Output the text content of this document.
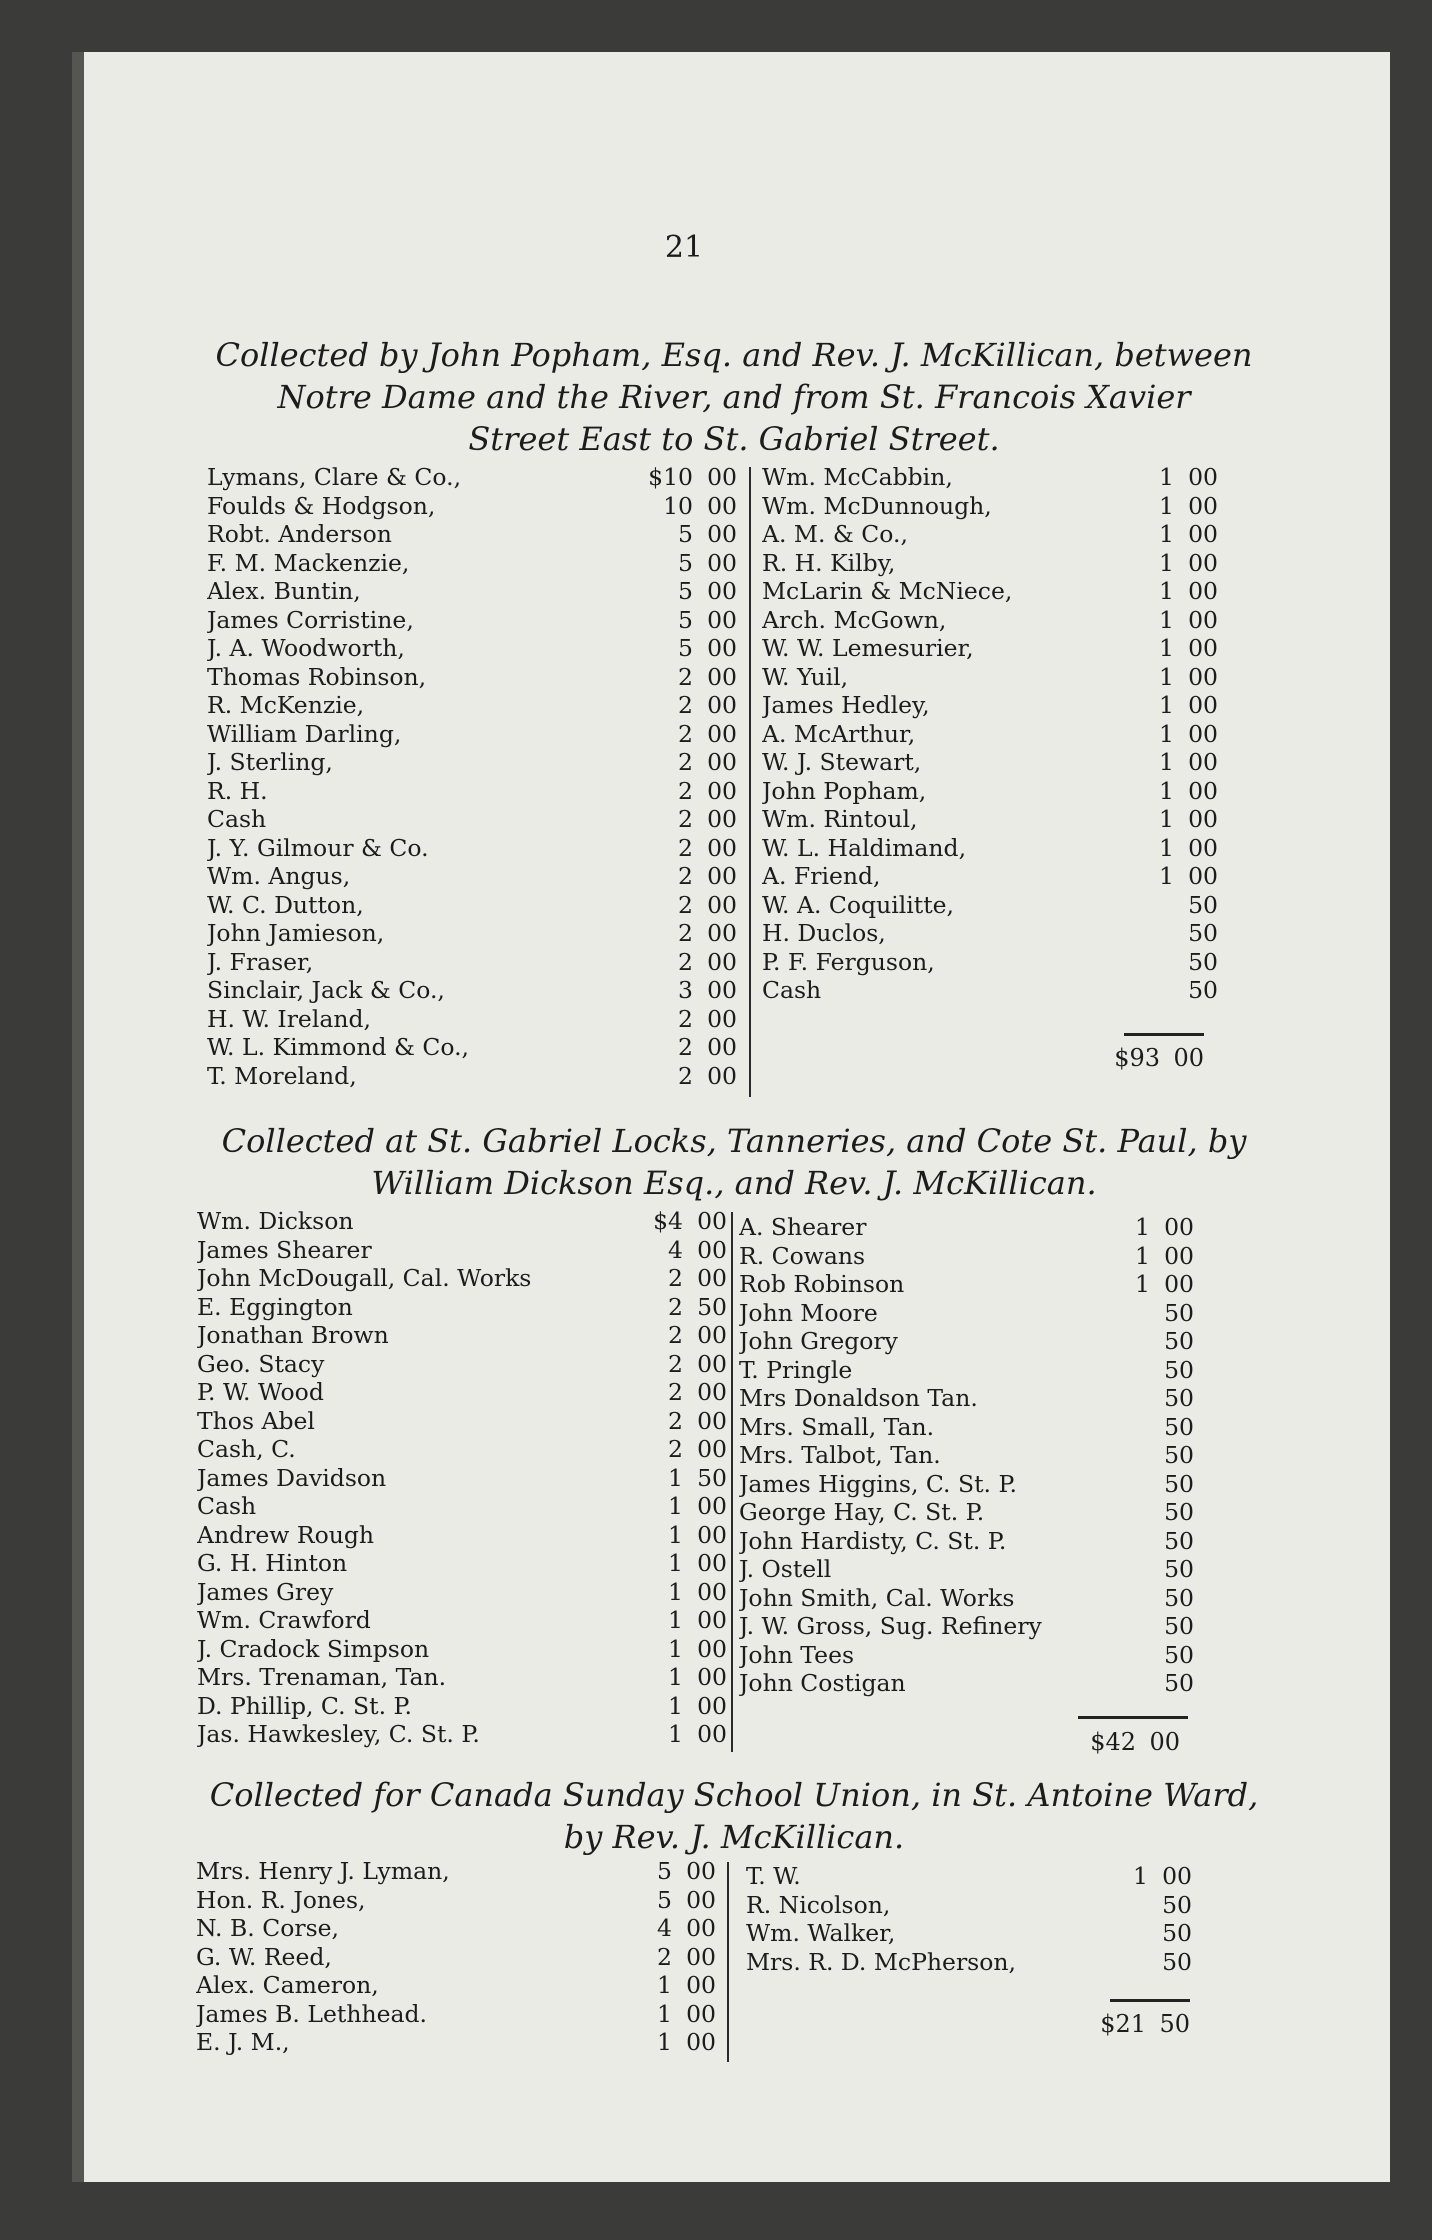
21
Collected by John Popham, Esq. and Rev. J. McKillican, between
Notre Dame and the River, and from St. Francois Xavier
Street East to St. Gabriel Street.
Lymans, Clare & Co.,	$10 00
Foulds & Hodgson,	10 00
Robt. Anderson	5 00
F. M. Mackenzie,	5 00
Alex. Buntin,	5 00
James Corristine,	5 00
J. A. Woodworth,	5 00
Thomas Robinson,	2 00
R. McKenzie,	2 00
William Darling,	2 00
J. Sterling,	2 00
R. H.	2 00
Cash	2 00
J. Y. Gilmour & Co.	2 00
Wm. Angus,	2 00
W. C. Dutton,	2 00
John Jamieson,	2 00
J. Fraser,	2 00
Sinclair, Jack & Co.,	3 00
H. W. Ireland,	2 00
W. L. Kimmond & Co.,	2 00
T. Moreland,	2 00
Wm. McCabbin,	1 00
Wm. McDunnough,	1 00
A. M. & Co.,	1 00
R. H. Kilby,	1 00
McLarin & McNiece,	1 00
Arch. McGown,	1 00
W. W. Lemesurier,	1 00
W. Yuil,	1 00
James Hedley,	1 00
A. McArthur,	1 00
W. J. Stewart,	1 00
John Popham,	1 00
Wm. Rintoul,	1 00
W. L. Haldimand,	1 00
A. Friend,	1 00
W. A. Coquilitte,	50
H. Duclos,	50
P. F. Ferguson,	50
Cash	50
$93 00
Collected at St. Gabriel Locks, Tanneries, and Cote St. Paul, by
William Dickson Esq., and Rev. J. McKillican.
Wm. Dickson	$4 00
James Shearer	4 00
John McDougall, Cal. Works	2 00
E. Eggington	2 50
Jonathan Brown	2 00
Geo. Stacy	2 00
P. W. Wood	2 00
Thos Abel	2 00
Cash, C.	2 00
James Davidson	1 50
Cash	1 00
Andrew Rough	1 00
G. H. Hinton	1 00
James Grey	1 00
Wm. Crawford	1 00
J. Cradock Simpson	1 00
Mrs. Trenaman, Tan.	1 00
D. Phillip, C. St. P.	1 00
Jas. Hawkesley, C. St. P.	1 00
A. Shearer	1 00
R. Cowans	1 00
Rob Robinson	1 00
John Moore	50
John Gregory	50
T. Pringle	50
Mrs Donaldson Tan.	50
Mrs. Small, Tan.	50
Mrs. Talbot, Tan.	50
James Higgins, C. St. P.	50
George Hay, C. St. P.	50
John Hardisty, C. St. P.	50
J. Ostell	50
John Smith, Cal. Works	50
J. W. Gross, Sug. Refinery	50
John Tees	50
John Costigan	50
$42 00
Collected for Canada Sunday School Union, in St. Antoine Ward,
by Rev. J. McKillican.
Mrs. Henry J. Lyman,	5 00
Hon. R. Jones,	5 00
N. B. Corse,	4 00
G. W. Reed,	2 00
Alex. Cameron,	1 00
James B. Lethhead.	1 00
E. J. M.,	1 00
T. W.	1 00
R. Nicolson,	50
Wm. Walker,	50
Mrs. R. D. McPherson,	50
$21 50
